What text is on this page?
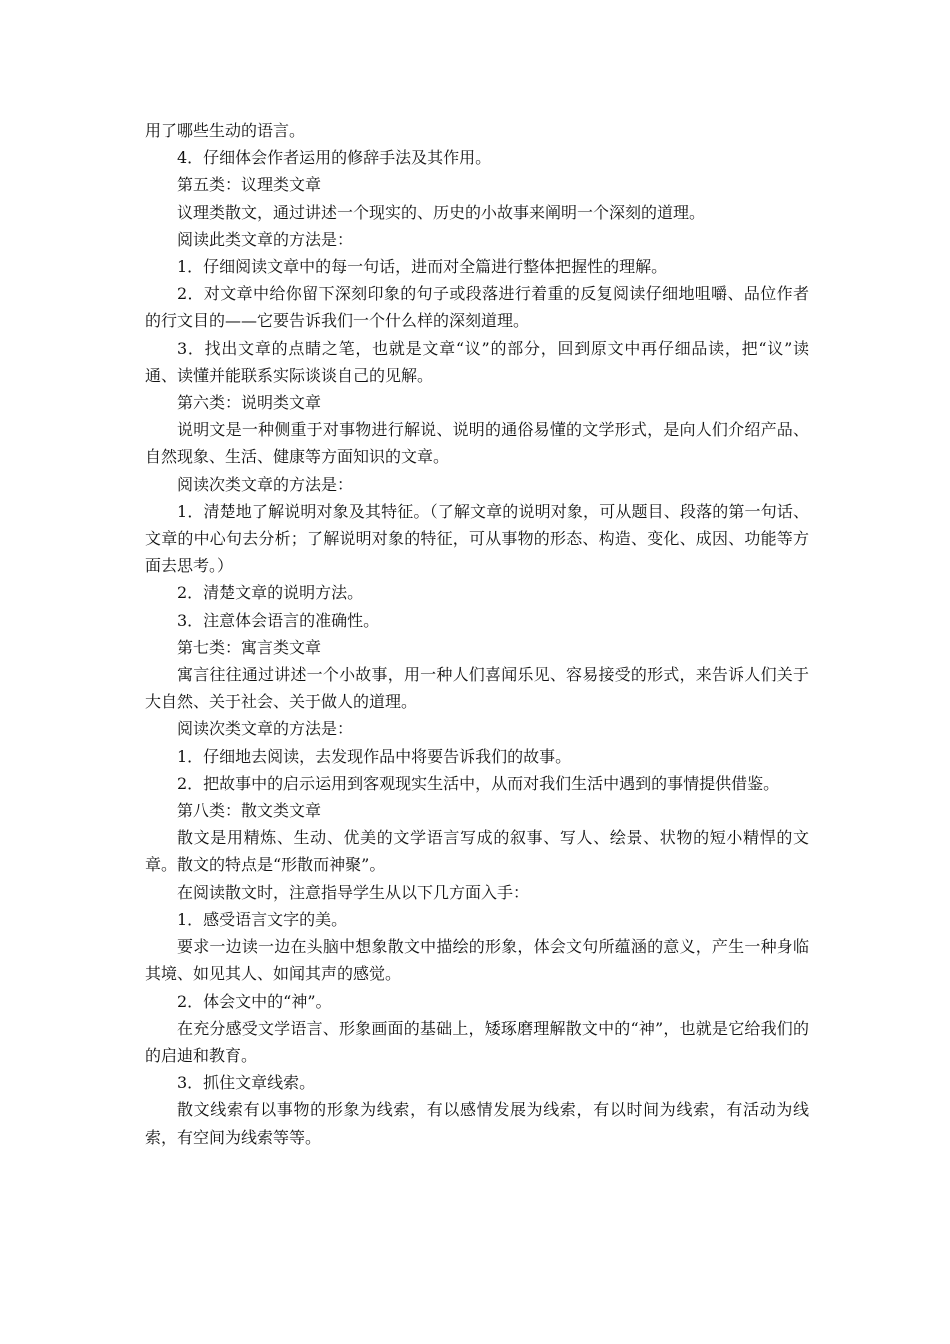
用了哪些生动的语言。

4．仔细体会作者运用的修辞手法及其作用。

第五类：议理类文章

议理类散文，通过讲述一个现实的、历史的小故事来阐明一个深刻的道理。

阅读此类文章的方法是：

1．仔细阅读文章中的每一句话，进而对全篇进行整体把握性的理解。

2．对文章中给你留下深刻印象的句子或段落进行着重的反复阅读仔细地咀嚼、品位作者的行文目的——它要告诉我们一个什么样的深刻道理。

3．找出文章的点睛之笔，也就是文章“议”的部分，回到原文中再仔细品读，把“议”读通、读懂并能联系实际谈谈自己的见解。

第六类：说明类文章

说明文是一种侧重于对事物进行解说、说明的通俗易懂的文学形式，是向人们介绍产品、自然现象、生活、健康等方面知识的文章。

阅读次类文章的方法是：

1．清楚地了解说明对象及其特征。（了解文章的说明对象，可从题目、段落的第一句话、文章的中心句去分析；了解说明对象的特征，可从事物的形态、构造、变化、成因、功能等方面去思考。）

2．清楚文章的说明方法。

3．注意体会语言的准确性。

第七类：寓言类文章

寓言往往通过讲述一个小故事，用一种人们喜闻乐见、容易接受的形式，来告诉人们关于大自然、关于社会、关于做人的道理。

阅读次类文章的方法是：

1．仔细地去阅读，去发现作品中将要告诉我们的故事。

2．把故事中的启示运用到客观现实生活中，从而对我们生活中遇到的事情提供借鉴。

第八类：散文类文章

散文是用精炼、生动、优美的文学语言写成的叙事、写人、绘景、状物的短小精悍的文章。散文的特点是“形散而神聚”。

在阅读散文时，注意指导学生从以下几方面入手：

1．感受语言文字的美。

要求一边读一边在头脑中想象散文中描绘的形象，体会文句所蕴涵的意义，产生一种身临其境、如见其人、如闻其声的感觉。

2．体会文中的“神”。

在充分感受文学语言、形象画面的基础上，矮琢磨理解散文中的“神”，也就是它给我们的的启迪和教育。

3．抓住文章线索。

散文线索有以事物的形象为线索，有以感情发展为线索，有以时间为线索，有活动为线索，有空间为线索等等。
